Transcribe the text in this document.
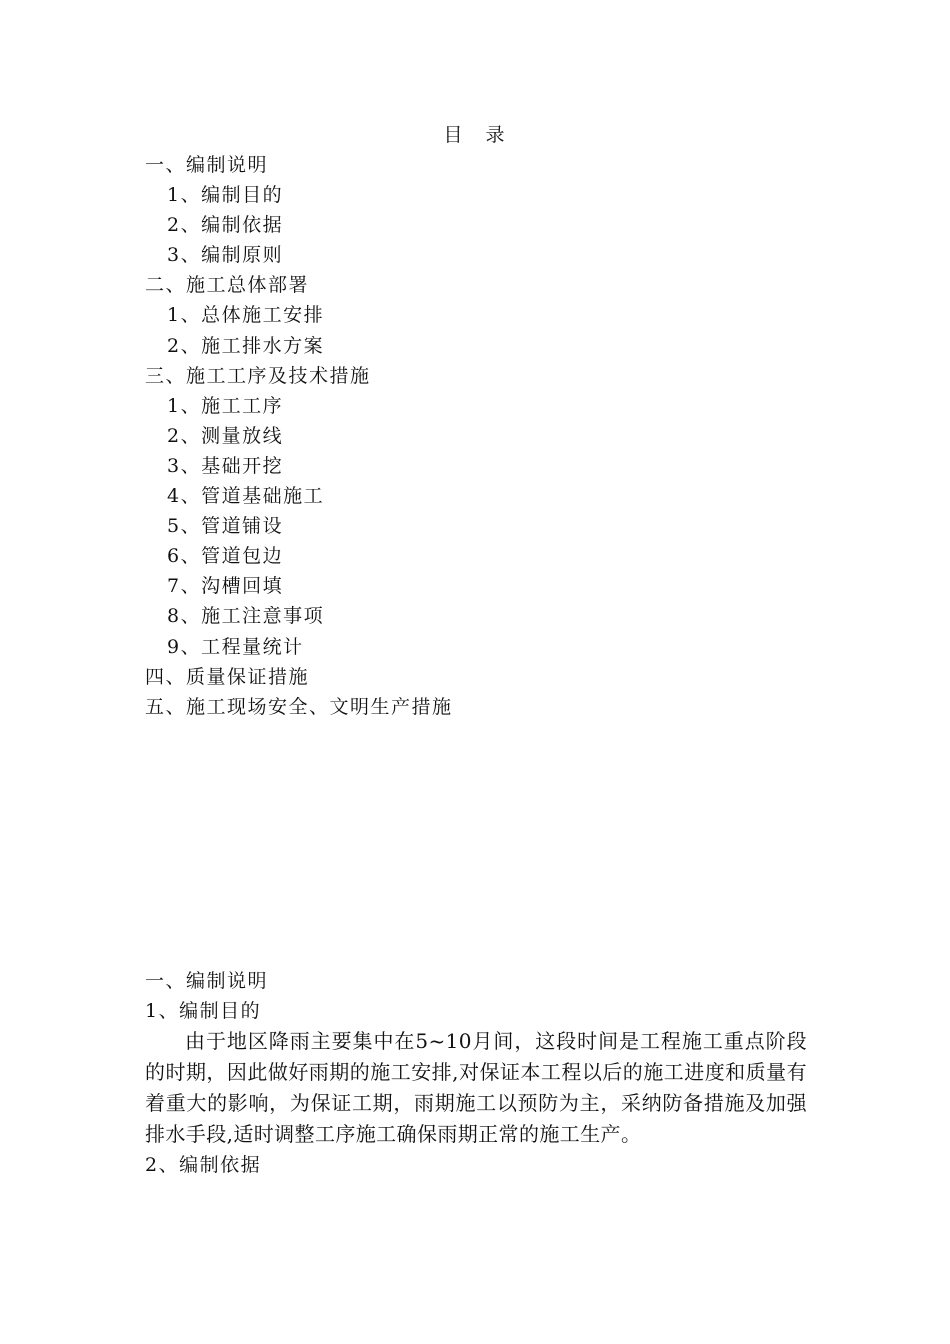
目　录
一、编制说明
1、编制目的
2、编制依据
3、编制原则
二、施工总体部署
1、总体施工安排
2、施工排水方案
三、施工工序及技术措施
1、施工工序
2、测量放线
3、基础开挖
4、管道基础施工
5、管道铺设
6、管道包边
7、沟槽回填
8、施工注意事项
9、工程量统计
四、质量保证措施
五、施工现场安全、文明生产措施
一、编制说明
1、编制目的

由于地区降雨主要集中在5~10月间，这段时间是工程施工重点阶段的时期，因此做好雨期的施工安排,对保证本工程以后的施工进度和质量有着重大的影响，为保证工期，雨期施工以预防为主，采纳防备措施及加强排水手段,适时调整工序施工确保雨期正常的施工生产。

2、编制依据
